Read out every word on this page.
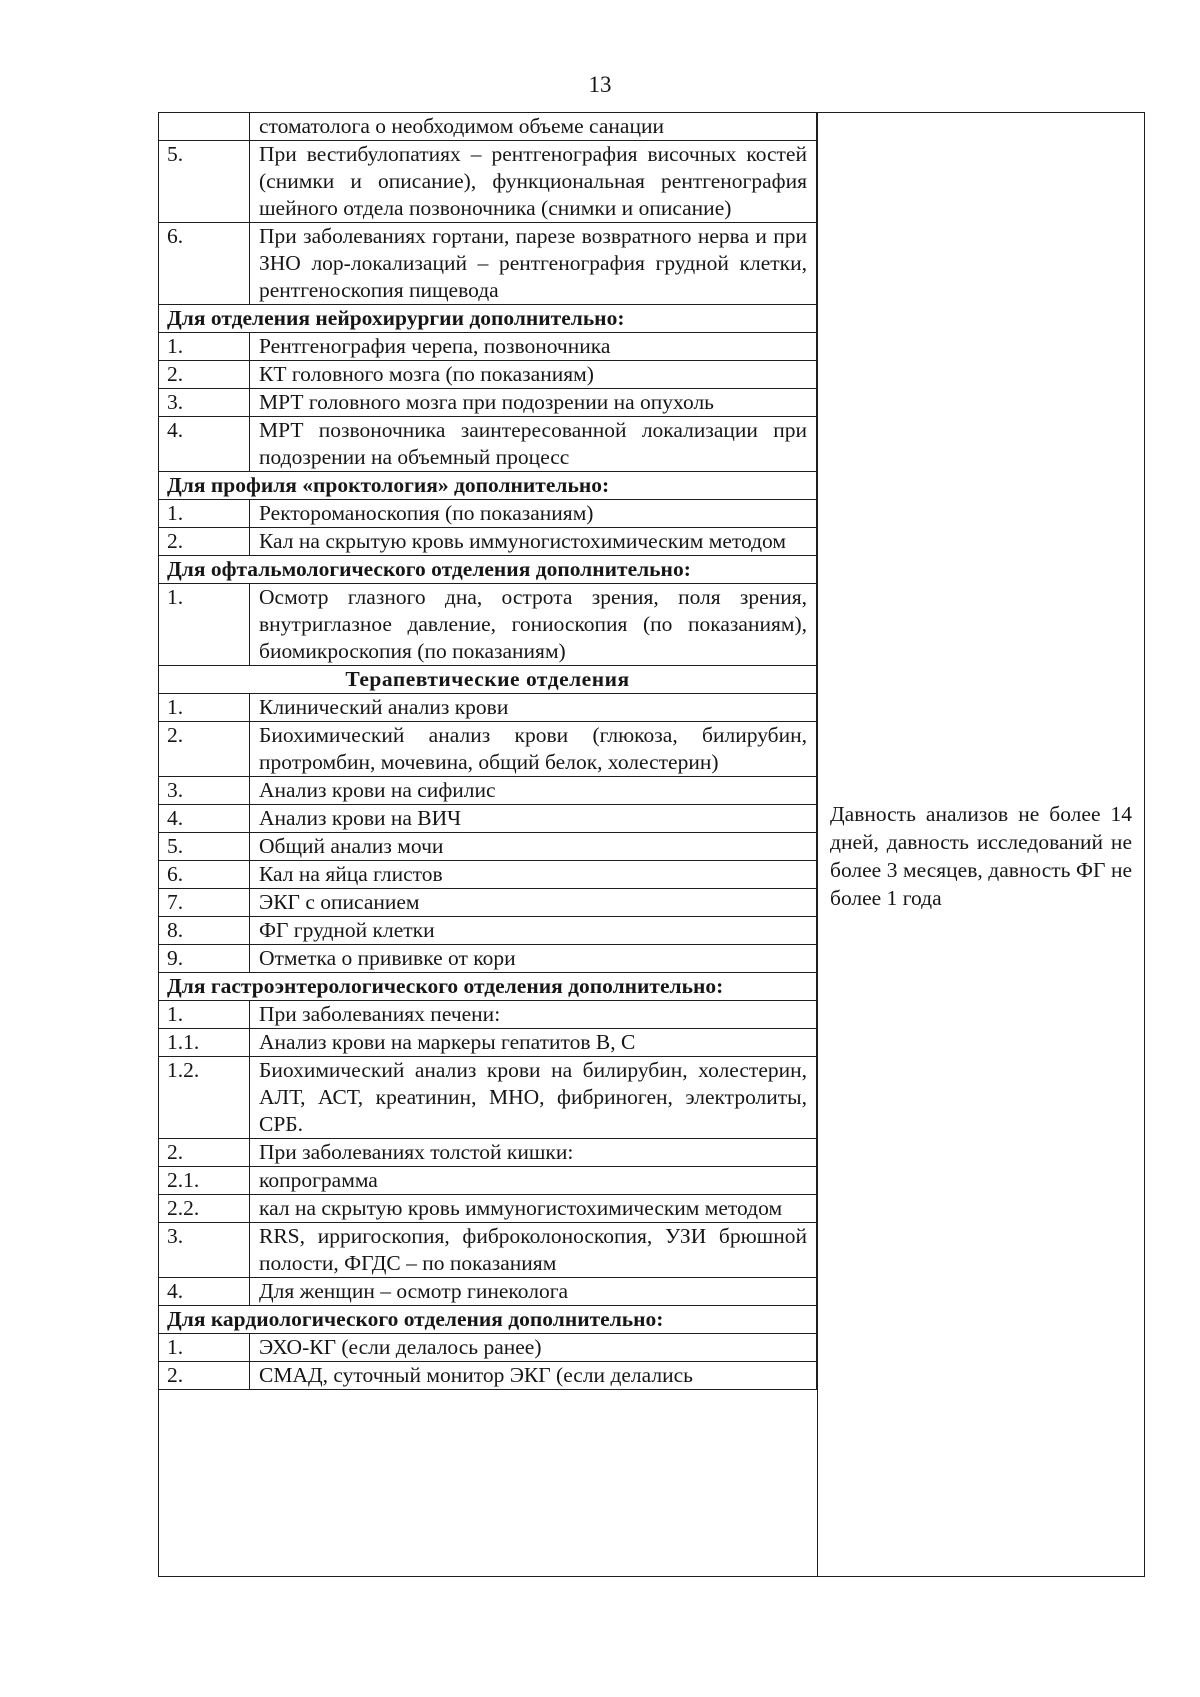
13
	стоматолога о необходимом объеме санации
5.	При вестибулопатиях – рентгенография височных костей (снимки и описание), функциональная рентгенография шейного отдела позвоночника (снимки и описание)
6.	При заболеваниях гортани, парезе возвратного нерва и при ЗНО лор-локализаций – рентгенография грудной клетки, рентгеноскопия пищевода
Для отделения нейрохирургии дополнительно:	
1.	Рентгенография черепа, позвоночника
2.	КТ головного мозга (по показаниям)
3.	МРТ головного мозга при подозрении на опухоль
4.	МРТ позвоночника заинтересованной локализации при подозрении на объемный процесс
Для профиля «проктология» дополнительно:	
1.	Ректороманоскопия (по показаниям)
2.	Кал на скрытую кровь иммуногистохимическим методом
Для офтальмологического отделения дополнительно:	
1.	Осмотр глазного дна, острота зрения, поля зрения, внутриглазное давление, гониоскопия (по показаниям), биомикроскопия (по показаниям)
Терапевтические отделения	
1.	Клинический анализ крови
2.	Биохимический анализ крови (глюкоза, билирубин, протромбин, мочевина, общий белок, холестерин)
3.	Анализ крови на сифилис
4.	Анализ крови на ВИЧ
5.	Общий анализ мочи
6.	Кал на яйца глистов
7.	ЭКГ с описанием
8.	ФГ грудной клетки
9.	Отметка о прививке от кори
Для гастроэнтерологического отделения дополнительно:	
1.	При заболеваниях печени:
1.1.	Анализ крови на маркеры гепатитов В, С
1.2.	Биохимический анализ крови на билирубин, холестерин, АЛТ, АСТ, креатинин, МНО, фибриноген, электролиты, СРБ.
2.	При заболеваниях толстой кишки:
2.1.	копрограмма
2.2.	кал на скрытую кровь иммуногистохимическим методом
3.	RRS, ирригоскопия, фиброколоноскопия, УЗИ брюшной полости, ФГДС – по показаниям
4.	Для женщин – осмотр гинеколога
Для кардиологического отделения дополнительно:	
1.	ЭХО-КГ (если делалось ранее)
2.	СМАД, суточный монитор ЭКГ (если делались
Давность анализов не более 14 дней, давность исследований не более 3 месяцев, давность ФГ не более 1 года
